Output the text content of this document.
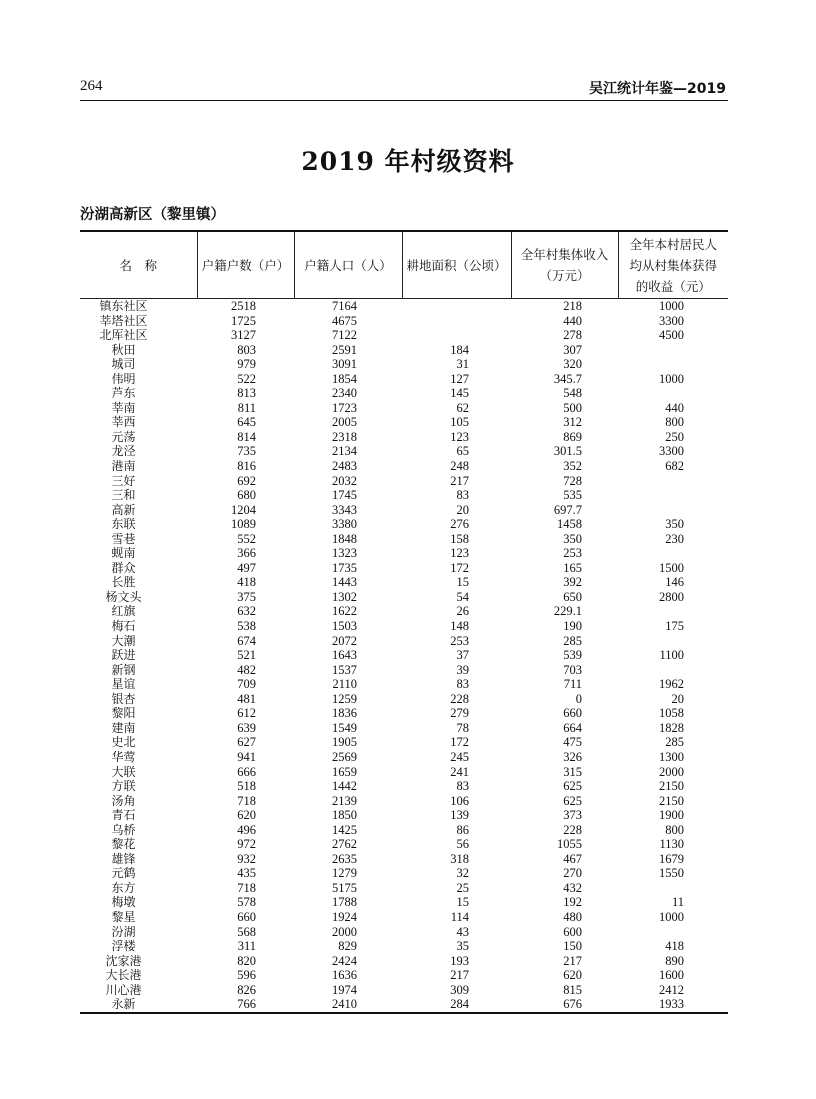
264	吴江统计年鉴—2019
2019 年村级资料
汾湖高新区（黎里镇）
名　称	户籍户数（户）	户籍人口（人）	耕地面积（公顷）	全年村集体收入
（万元）	全年本村居民人
均从村集体获得
的收益（元）
镇东社区	2518	7164		218	1000
莘塔社区	1725	4675		440	3300
北厍社区	3127	7122		278	4500
秋田	803	2591	184	307	
城司	979	3091	31	320	
伟明	522	1854	127	345.7	1000
芦东	813	2340	145	548	
莘南	811	1723	62	500	440
莘西	645	2005	105	312	800
元荡	814	2318	123	869	250
龙泾	735	2134	65	301.5	3300
港南	816	2483	248	352	682
三好	692	2032	217	728	
三和	680	1745	83	535	
高新	1204	3343	20	697.7	
东联	1089	3380	276	1458	350
雪巷	552	1848	158	350	230
蚬南	366	1323	123	253	
群众	497	1735	172	165	1500
长胜	418	1443	15	392	146
杨文头	375	1302	54	650	2800
红旗	632	1622	26	229.1	
梅石	538	1503	148	190	175
大潮	674	2072	253	285	
跃进	521	1643	37	539	1100
新钢	482	1537	39	703	
星谊	709	2110	83	711	1962
银杏	481	1259	228	0	20
黎阳	612	1836	279	660	1058
建南	639	1549	78	664	1828
史北	627	1905	172	475	285
华莺	941	2569	245	326	1300
大联	666	1659	241	315	2000
方联	518	1442	83	625	2150
汤角	718	2139	106	625	2150
青石	620	1850	139	373	1900
乌桥	496	1425	86	228	800
黎花	972	2762	56	1055	1130
雄锋	932	2635	318	467	1679
元鹤	435	1279	32	270	1550
东方	718	5175	25	432	
梅墩	578	1788	15	192	11
黎星	660	1924	114	480	1000
汾湖	568	2000	43	600	
浮楼	311	829	35	150	418
沈家港	820	2424	193	217	890
大长港	596	1636	217	620	1600
川心港	826	1974	309	815	2412
永新	766	2410	284	676	1933
